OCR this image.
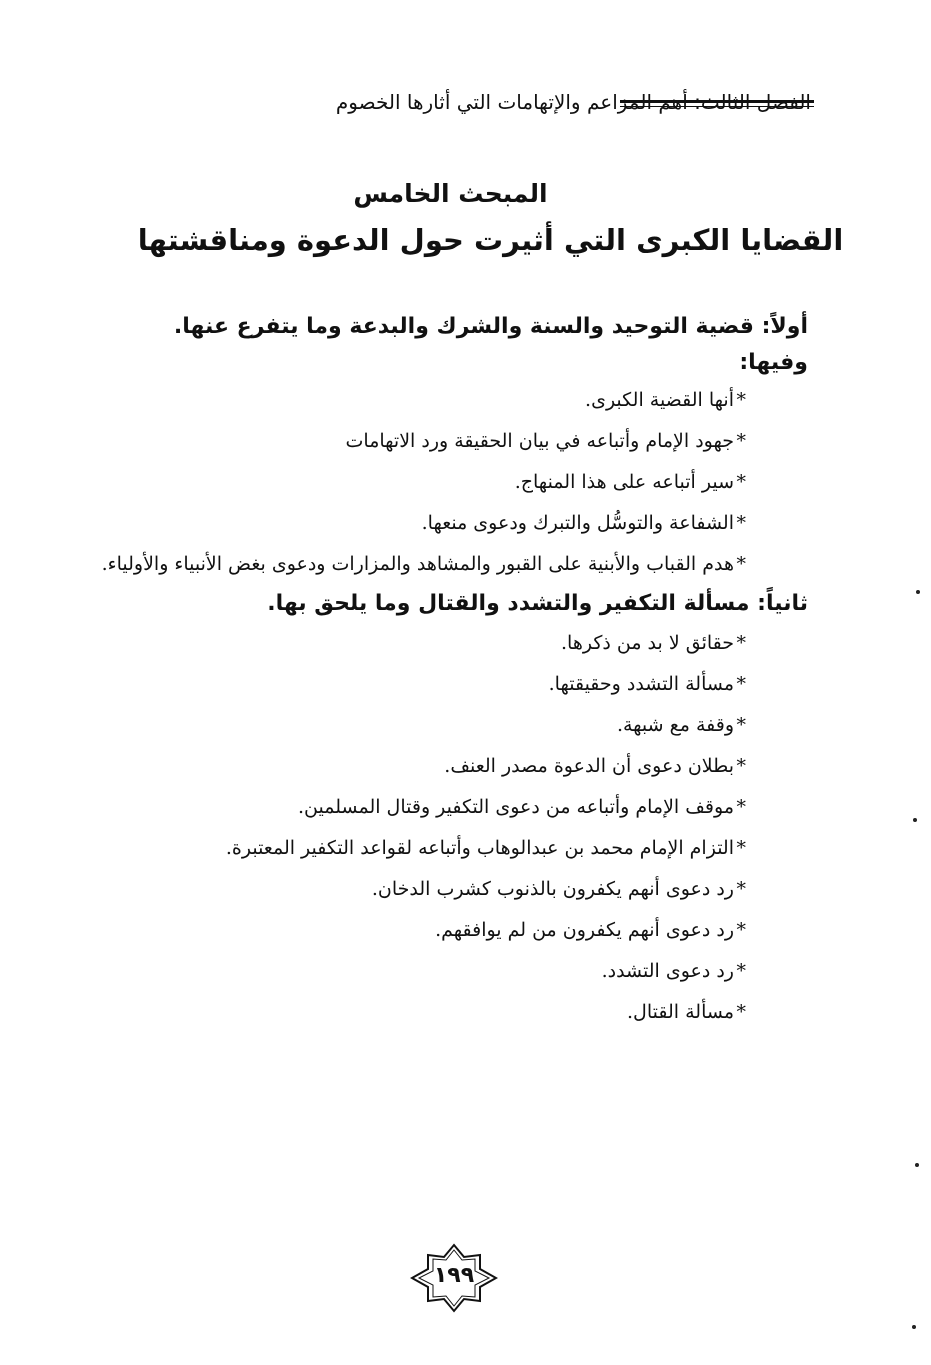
الفصل الثالث: أهم المزاعم والإتهامات التي أثارها الخصوم
المبحث الخامس
القضايا الكبرى التي أثيرت حول الدعوة ومناقشتها
أولاً: قضية التوحيد والسنة والشرك والبدعة وما يتفرع عنها.
وفيها:
*
أنها القضية الكبرى.
*
جهود الإمام وأتباعه في بيان الحقيقة ورد الاتهامات
*
سير أتباعه على هذا المنهاج.
*
الشفاعة والتوسُّل والتبرك ودعوى منعها.
*
هدم القباب والأبنية على القبور والمشاهد والمزارات ودعوى بغض الأنبياء والأولياء.
ثانياً: مسألة التكفير والتشدد والقتال وما يلحق بها.
*
حقائق لا بد من ذكرها.
*
مسألة التشدد وحقيقتها.
*
وقفة مع شبهة.
*
بطلان دعوى أن الدعوة مصدر العنف.
*
موقف الإمام وأتباعه من دعوى التكفير وقتال المسلمين.
*
التزام الإمام محمد بن عبدالوهاب وأتباعه لقواعد التكفير المعتبرة.
*
رد دعوى أنهم يكفرون بالذنوب كشرب الدخان.
*
رد دعوى أنهم يكفرون من لم يوافقهم.
*
رد دعوى التشدد.
*
مسألة القتال.
١٩٩
